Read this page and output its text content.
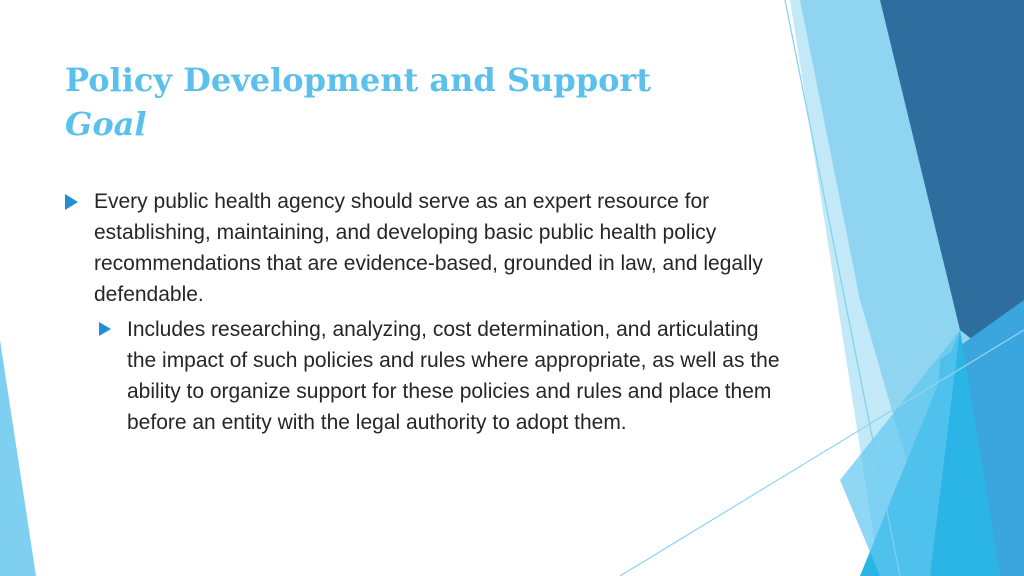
Policy Development and Support
Goal
Every public health agency should serve as an expert resource for establishing, maintaining, and developing basic public health policy recommendations that are evidence-based, grounded in law, and legally defendable.
Includes researching, analyzing, cost determination, and articulating the impact of such policies and rules where appropriate, as well as the ability to organize support for these policies and rules and place them before an entity with the legal authority to adopt them.
